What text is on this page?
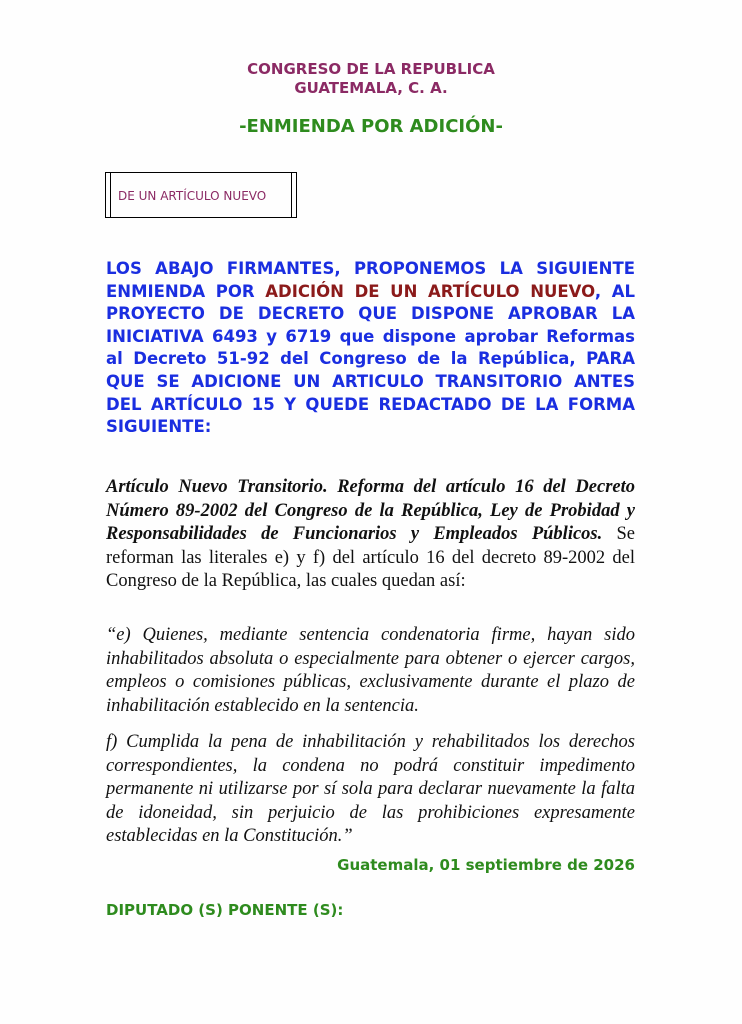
CONGRESO DE LA REPUBLICA
GUATEMALA, C. A.
-ENMIENDA POR ADICIÓN-
DE UN ARTÍCULO NUEVO
LOS ABAJO FIRMANTES, PROPONEMOS LA SIGUIENTE ENMIENDA POR ADICIÓN DE UN ARTÍCULO NUEVO, AL PROYECTO DE DECRETO QUE DISPONE APROBAR LA INICIATIVA 6493 y 6719 que dispone aprobar Reformas al Decreto 51-92 del Congreso de la República, PARA QUE SE ADICIONE UN ARTICULO TRANSITORIO ANTES DEL ARTÍCULO 15 Y QUEDE REDACTADO DE LA FORMA SIGUIENTE:
Artículo Nuevo Transitorio. Reforma del artículo 16 del Decreto Número 89-2002 del Congreso de la República, Ley de Probidad y Responsabilidades de Funcionarios y Empleados Públicos. Se reforman las literales e) y f) del artículo 16 del decreto 89-2002 del Congreso de la República, las cuales quedan así:
“e) Quienes, mediante sentencia condenatoria firme, hayan sido inhabilitados absoluta o especialmente para obtener o ejercer cargos, empleos o comisiones públicas, exclusivamente durante el plazo de inhabilitación establecido en la sentencia.
f) Cumplida la pena de inhabilitación y rehabilitados los derechos correspondientes, la condena no podrá constituir impedimento permanente ni utilizarse por sí sola para declarar nuevamente la falta de idoneidad, sin perjuicio de las prohibiciones expresamente establecidas en la Constitución.”
Guatemala, 01 septiembre de 2026
DIPUTADO (S) PONENTE (S):
